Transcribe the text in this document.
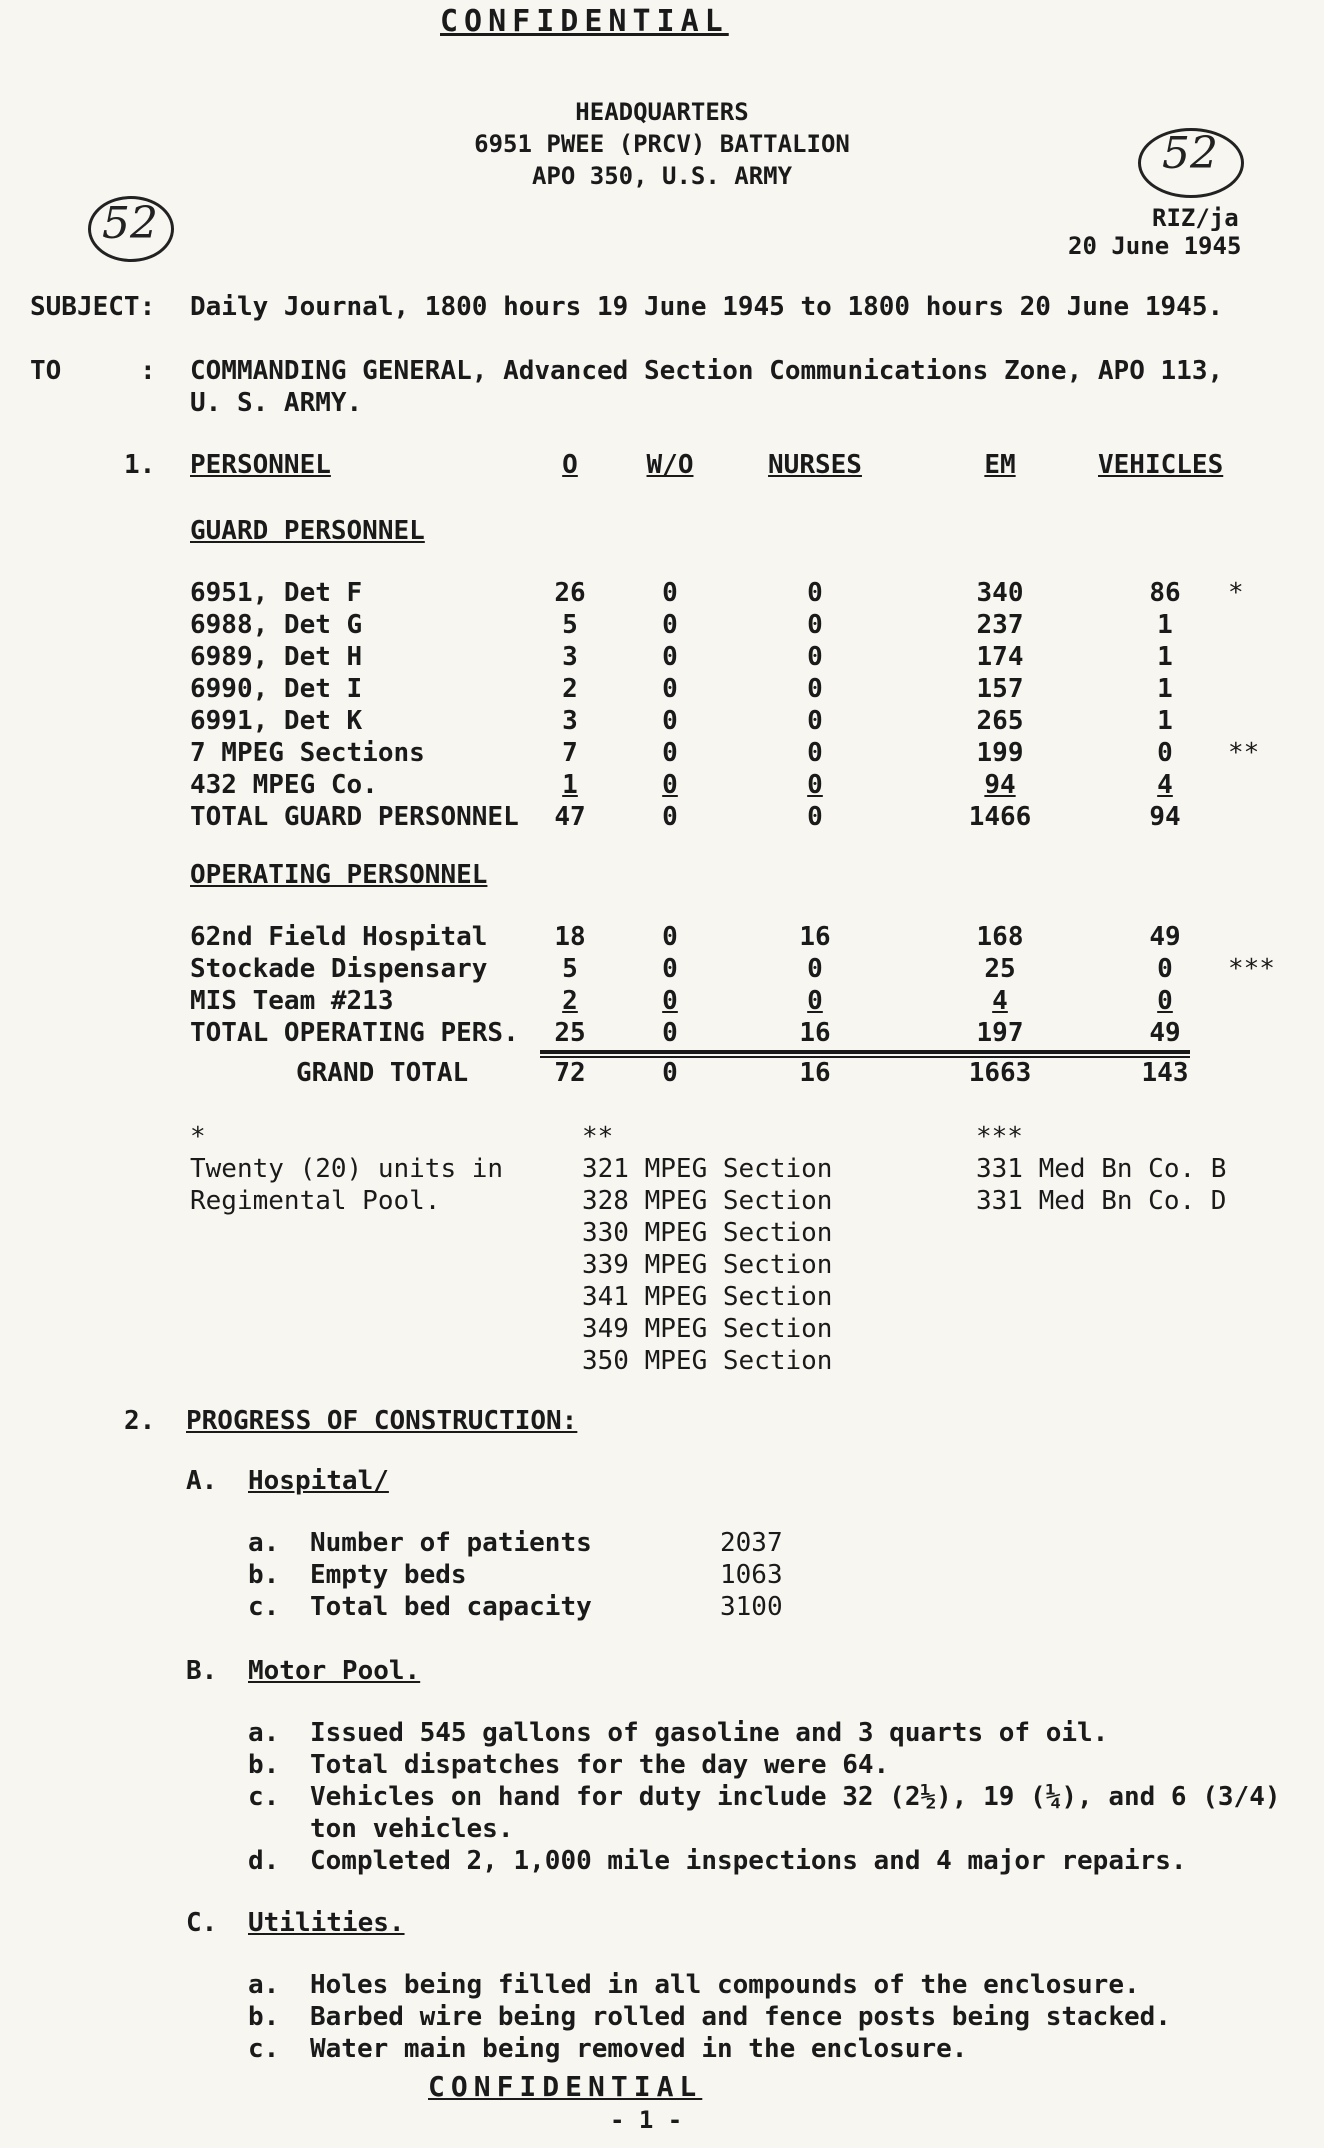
CONFIDENTIAL
HEADQUARTERS
6951 PWEE (PRCV) BATTALION
APO 350, U.S. ARMY
52
52
RIZ/ja
20 June 1945
SUBJECT: Daily Journal, 1800 hours 19 June 1945 to 1800 hours 20 June 1945.
TO	: COMMANDING GENERAL, Advanced Section Communications Zone, APO 113,
U. S. ARMY.
1. PERSONNEL	O	W/O	NURSES	EM	VEHICLES
GUARD PERSONNEL
6951, Det F	26	0	0	340	86	*
6988, Det G	5	0	0	237	1
6989, Det H	3	0	0	174	1
6990, Det I	2	0	0	157	1
6991, Det K	3	0	0	265	1
7 MPEG Sections	7	0	0	199	0	**
432 MPEG Co.	1	0	0	94	4
TOTAL GUARD PERSONNEL	47	0	0	1466	94
OPERATING PERSONNEL
62nd Field Hospital	18	0	16	168	49
Stockade Dispensary	5	0	0	25	0	***
MIS Team #213	2	0	0	4	0
TOTAL OPERATING PERS.	25	0	16	197	49
GRAND TOTAL	72	0	16	1663	143
*
Twenty (20) units in
Regimental Pool.
**
321 MPEG Section
328 MPEG Section
330 MPEG Section
339 MPEG Section
341 MPEG Section
349 MPEG Section
350 MPEG Section
***
331 Med Bn Co. B
331 Med Bn Co. D
2. PROGRESS OF CONSTRUCTION:
A. Hospital/
a. Number of patients	2037
b. Empty beds	1063
c. Total bed capacity	3100
B. Motor Pool.
a. Issued 545 gallons of gasoline and 3 quarts of oil.
b. Total dispatches for the day were 64.
c. Vehicles on hand for duty include 32 (2½), 19 (¼), and 6 (3/4)
ton vehicles.
d. Completed 2, 1,000 mile inspections and 4 major repairs.
C. Utilities.
a. Holes being filled in all compounds of the enclosure.
b. Barbed wire being rolled and fence posts being stacked.
c. Water main being removed in the enclosure.
CONFIDENTIAL
- 1 -
